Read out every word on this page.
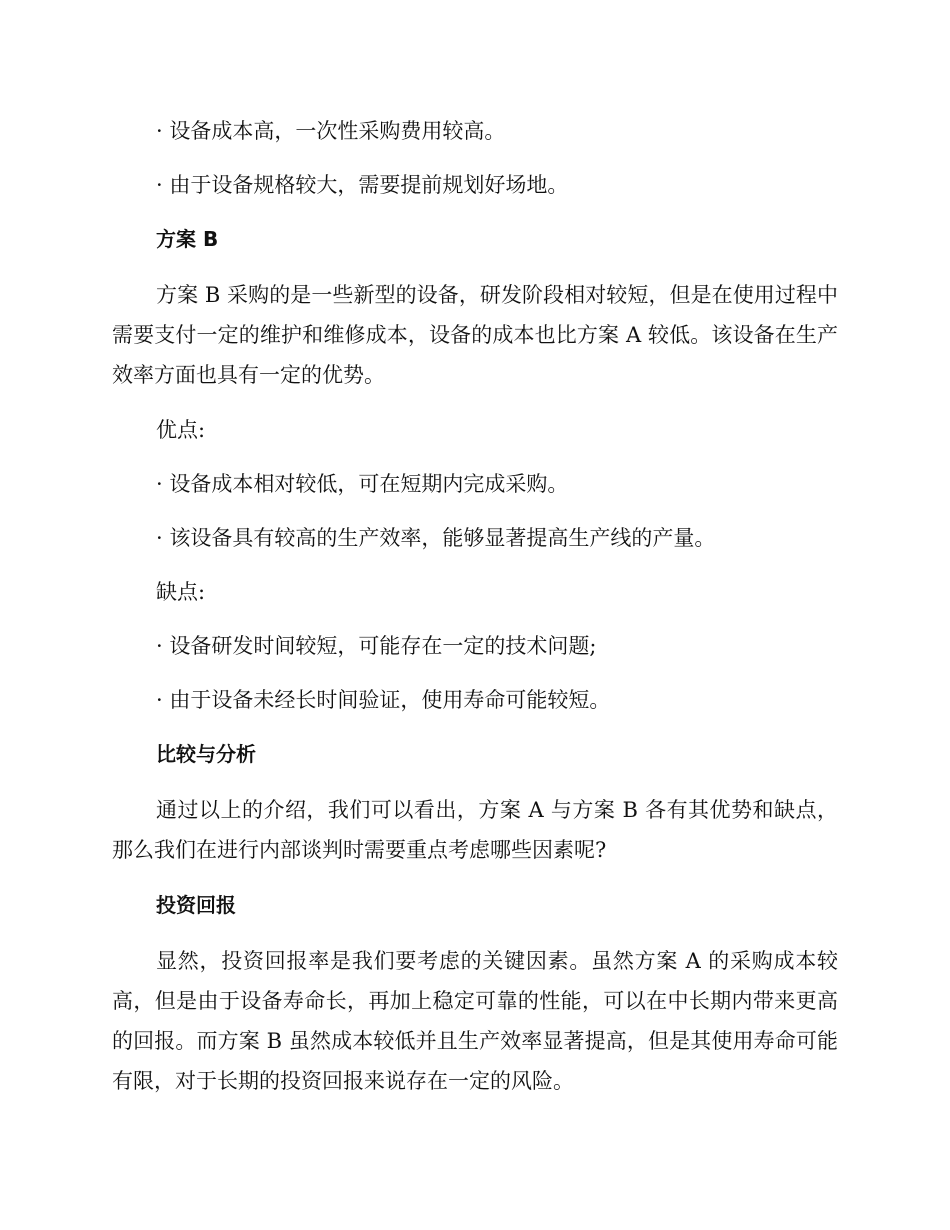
· 设备成本高，一次性采购费用较高。

· 由于设备规格较大，需要提前规划好场地。

方案 B

方案 B 采购的是一些新型的设备，研发阶段相对较短，但是在使用过程中需要支付一定的维护和维修成本，设备的成本也比方案 A 较低。该设备在生产效率方面也具有一定的优势。

优点:

· 设备成本相对较低，可在短期内完成采购。

· 该设备具有较高的生产效率，能够显著提高生产线的产量。

缺点:

· 设备研发时间较短，可能存在一定的技术问题;

· 由于设备未经长时间验证，使用寿命可能较短。

比较与分析

通过以上的介绍，我们可以看出，方案 A 与方案 B 各有其优势和缺点，那么我们在进行内部谈判时需要重点考虑哪些因素呢?

投资回报

显然，投资回报率是我们要考虑的关键因素。虽然方案 A 的采购成本较高，但是由于设备寿命长，再加上稳定可靠的性能，可以在中长期内带来更高的回报。而方案 B 虽然成本较低并且生产效率显著提高，但是其使用寿命可能有限，对于长期的投资回报来说存在一定的风险。
